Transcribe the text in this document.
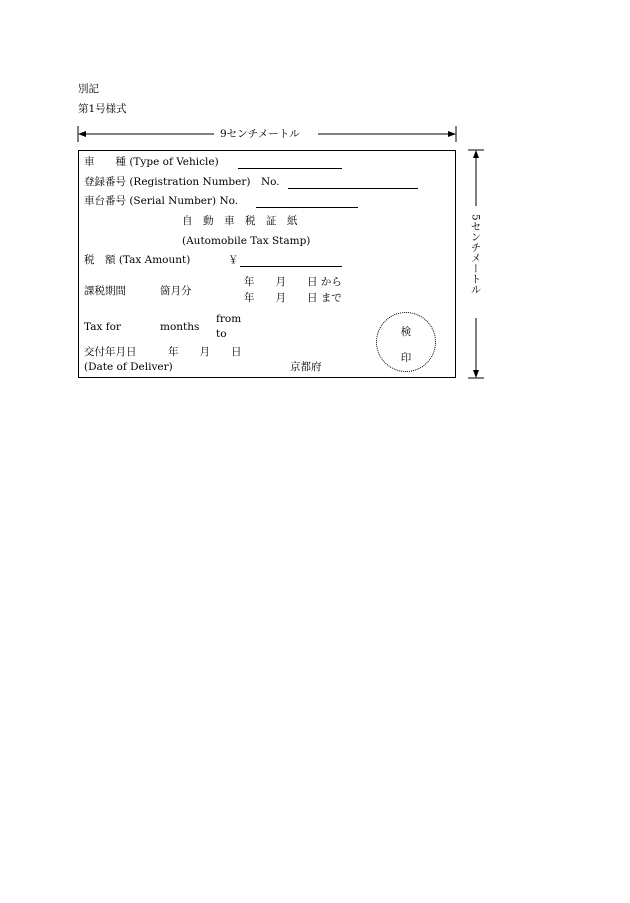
別記
第1号様式
9センチメートル
5センチメートル
車　　種 (Type of Vehicle)
登録番号 (Registration Number)　No.
車台番号 (Serial Number) No.
自　動　車　税　証　紙
(Automobile Tax Stamp)
税　額 (Tax Amount)	￥
課税期間	箇月分
年　　月　　日 から
年　　月　　日 まで
Tax for	months
from
to
交付年月日　　　年　　月　　日
(Date of Deliver)	京都府
検
印
